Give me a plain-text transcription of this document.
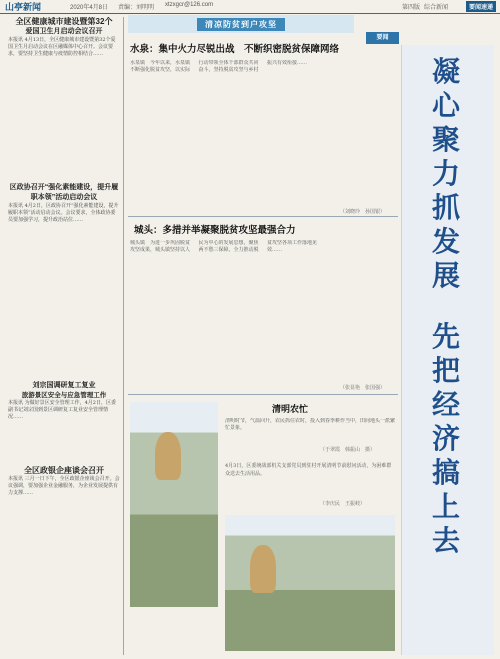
山亭新闻	2020年4月8日 责编：刘明明 xtzxgcr@126.com	第四版 综合新闻	要闻速递
全区健康城市建设暨第32个
爱国卫生月启动会议召开
本报讯 4月13日，全区健康城市建设暨第32个爱国卫生月启动会议在区融媒体中心召开。会议要求，要坚持卫生健康与疫情防控相结合……
区政协召开“强化素能建设，提升履职本领”活动启动会议
本报讯 4月2日，区政协召开“强化素能建设，提升履职本领”活动启动会议。会议要求，全体政协委员要加强学习，提升政治站位……
刘宗国调研复工复业
旅游景区安全与应急管理工作
本报讯 为做好景区安全管理工作，4月2日，区委副书记刘宗国到景区调研复工复业安全管理情况……
全区政银企座谈会召开
本报讯 三月一日下午，全区政银企座谈会召开。会议强调，要加强企业金融服务，为企业发展提供有力支撑……
清凉防贫到户攻坚
要闻
水泉：集中火力尽锐出战　不断织密脱贫保障网络
水泉镇　今年以来，水泉镇不断强化脱贫攻坚，以实际行动带领全体干部群众共同奋斗，坚持脱贫攻坚与乡村振兴有效衔接……
（刘晓玲　孙国银）
城头：多措并举凝聚脱贫攻坚最强合力
城头镇　为进一步巩固脱贫攻坚成果，城头镇坚持以人民为中心的发展思想，聚焦两不愁三保障，全力推动脱贫攻坚各项工作落地见效……
（张显艳　张国强）
清明农忙
清明时节，气温回升，农民抓住农时，投入到春季耕作当中，田间地头一派繁忙景象。
（于翠霞　韩振山　摄）
4月3日，区委统战部机关支部党员到驻村开展清明节前慰问活动，为困难群众送去生活用品。
（李庆民　王振岐）
凝心聚力抓发展
先把经济搞上去
